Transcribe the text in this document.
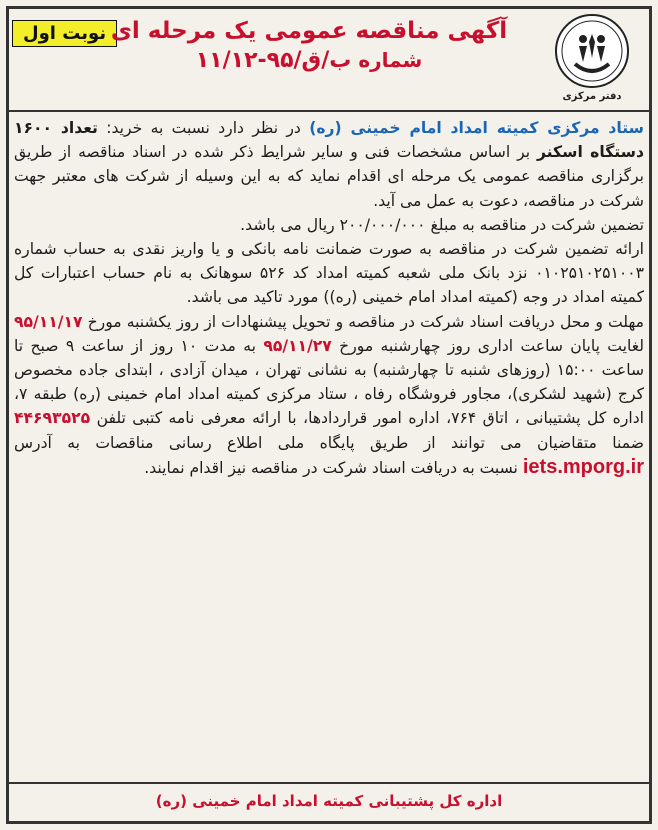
نوبت اول آگهی مناقصه عمومی یک مرحله ای
شماره ب/ق/۹۵-۱۱/۱۲
دفتر مرکزی

ستاد مرکزی کمیته امداد امام خمینی (ره) در نظر دارد نسبت به خرید: تعداد ۱۶۰۰ دستگاه اسکنر بر اساس مشخصات فنی و سایر شرایط ذکر شده در اسناد مناقصه از طریق برگزاری مناقصه عمومی یک مرحله ای اقدام نماید که به این وسیله از شرکت های معتبر جهت شرکت در مناقصه، دعوت به عمل می آید.

تضمین شرکت در مناقصه به مبلغ ۲۰۰/۰۰۰/۰۰۰ ریال می باشد.

ارائه تضمین شرکت در مناقصه به صورت ضمانت نامه بانکی و یا واریز نقدی به حساب شماره ۰۱۰۲۵۱۰۲۵۱۰۰۳ نزد بانک ملی شعبه کمیته امداد کد ۵۲۶ سوهانک به نام حساب اعتبارات کل کمیته امداد در وجه (کمیته امداد امام خمینی (ره)) مورد تاکید می باشد.

مهلت و محل دریافت اسناد شرکت در مناقصه و تحویل پیشنهادات از روز یکشنبه مورخ ۹۵/۱۱/۱۷ لغایت پایان ساعت اداری روز چهارشنبه مورخ ۹۵/۱۱/۲۷ به مدت ۱۰ روز از ساعت ۹ صبح تا ساعت ۱۵:۰۰ (روزهای شنبه تا چهارشنبه) به نشانی تهران ، میدان آزادی ، ابتدای جاده مخصوص کرج (شهید لشکری)، مجاور فروشگاه رفاه ، ستاد مرکزی کمیته امداد امام خمینی (ره) طبقه ۷، اداره کل پشتیبانی ، اتاق ۷۶۴، اداره امور قراردادها، با ارائه معرفی نامه کتبی تلفن ۴۴۶۹۳۵۲۵ ضمنا متقاضیان می توانند از طریق پایگاه ملی اطلاع رسانی مناقصات به آدرس iets.mporg.ir نسبت به دریافت اسناد شرکت در مناقصه نیز اقدام نمایند.

اداره کل پشتیبانی کمیته امداد امام خمینی (ره)
